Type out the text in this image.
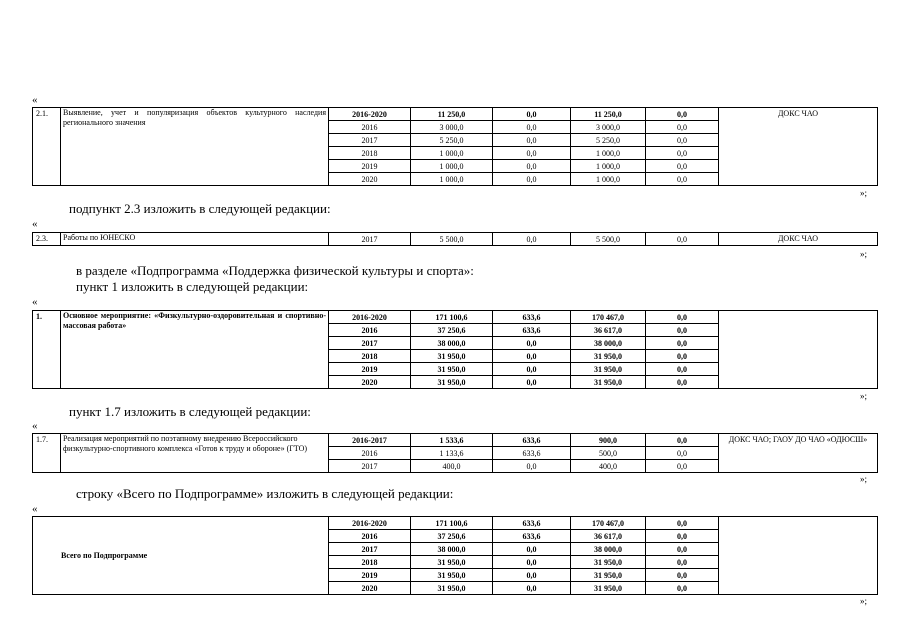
«
2.1.	Выявление, учет и популяризация объектов культурного наследия регионального значения	2016-2020	11 250,0	0,0	11 250,0	0,0	ДОКС ЧАО
		2016	3 000,0	0,0	3 000,0	0,0	
		2017	5 250,0	0,0	5 250,0	0,0	
		2018	1 000,0	0,0	1 000,0	0,0	
		2019	1 000,0	0,0	1 000,0	0,0	
		2020	1 000,0	0,0	1 000,0	0,0	
»;
подпункт 2.3 изложить в следующей редакции:
«
2.3.	Работы по ЮНЕСКО	2017	5 500,0	0,0	5 500,0	0,0	ДОКС ЧАО
»;
в разделе «Подпрограмма «Поддержка физической культуры и спорта»:
пункт 1 изложить в следующей редакции:
«
1.	Основное мероприятие: «Физкультурно-оздоровительная и спортивно-массовая работа»	2016-2020	171 100,6	633,6	170 467,0	0,0	
		2016	37 250,6	633,6	36 617,0	0,0	
		2017	38 000,0	0,0	38 000,0	0,0	
		2018	31 950,0	0,0	31 950,0	0,0	
		2019	31 950,0	0,0	31 950,0	0,0	
		2020	31 950,0	0,0	31 950,0	0,0	
»;
пункт 1.7 изложить в следующей редакции:
«
1.7.	Реализация мероприятий по поэтапному внедрению Всероссийского физкультурно-спортивного комплекса «Готов к труду и обороне» (ГТО)	2016-2017	1 533,6	633,6	900,0	0,0	ДОКС ЧАО; ГАОУ ДО ЧАО «ОДЮСШ»
		2016	1 133,6	633,6	500,0	0,0	
		2017	400,0	0,0	400,0	0,0	
»;
строку «Всего по Подпрограмме» изложить в следующей редакции:
«
Всего по Подпрограмме	2016-2020	171 100,6	633,6	170 467,0	0,0	
	2016	37 250,6	633,6	36 617,0	0,0	
	2017	38 000,0	0,0	38 000,0	0,0	
	2018	31 950,0	0,0	31 950,0	0,0	
	2019	31 950,0	0,0	31 950,0	0,0	
	2020	31 950,0	0,0	31 950,0	0,0	
»;
